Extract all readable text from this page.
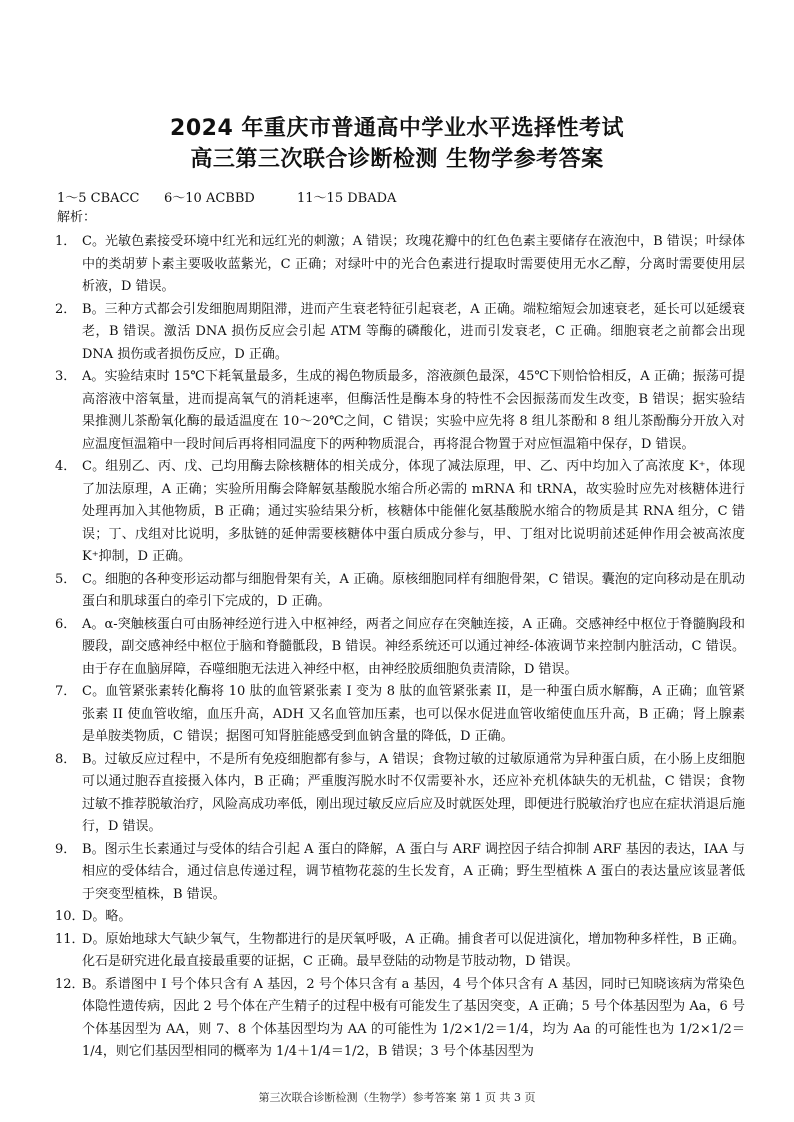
2024 年重庆市普通高中学业水平选择性考试
高三第三次联合诊断检测 生物学参考答案
1～5 CBACC 6～10 ACBBD	11～15 DBADA
解析：
1． C。光敏色素接受环境中红光和远红光的刺激；A 错误；玫瑰花瓣中的红色色素主要储存在液泡中，B 错误；叶绿体中的类胡萝卜素主要吸收蓝紫光，C 正确；对绿叶中的光合色素进行提取时需要使用无水乙醇，分离时需要使用层析液，D 错误。
2． B。三种方式都会引发细胞周期阻滞，进而产生衰老特征引起衰老，A 正确。端粒缩短会加速衰老，延长可以延缓衰老，B 错误。激活 DNA 损伤反应会引起 ATM 等酶的磷酸化，进而引发衰老，C 正确。细胞衰老之前都会出现 DNA 损伤或者损伤反应，D 正确。
3． A。实验结束时 15℃下耗氧量最多，生成的褐色物质最多，溶液颜色最深，45℃下则恰恰相反，A 正确；振荡可提高溶液中溶氧量，进而提高氧气的消耗速率，但酶活性是酶本身的特性不会因振荡而发生改变，B 错误；据实验结果推测儿茶酚氧化酶的最适温度在 10～20℃之间，C 错误；实验中应先将 8 组儿茶酚和 8 组儿茶酚酶分开放入对应温度恒温箱中一段时间后再将相同温度下的两种物质混合，再将混合物置于对应恒温箱中保存，D 错误。
4． C。组别乙、丙、戊、己均用酶去除核糖体的相关成分，体现了减法原理，甲、乙、丙中均加入了高浓度 K⁺，体现了加法原理，A 正确；实验所用酶会降解氨基酸脱水缩合所必需的 mRNA 和 tRNA，故实验时应先对核糖体进行处理再加入其他物质，B 正确；通过实验结果分析，核糖体中能催化氨基酸脱水缩合的物质是其 RNA 组分，C 错误；丁、戊组对比说明，多肽链的延伸需要核糖体中蛋白质成分参与，甲、丁组对比说明前述延伸作用会被高浓度 K⁺抑制，D 正确。
5． C。细胞的各种变形运动都与细胞骨架有关，A 正确。原核细胞同样有细胞骨架，C 错误。囊泡的定向移动是在肌动蛋白和肌球蛋白的牵引下完成的，D 正确。
6． A。α-突触核蛋白可由肠神经逆行进入中枢神经，两者之间应存在突触连接，A 正确。交感神经中枢位于脊髓胸段和腰段，副交感神经中枢位于脑和脊髓骶段，B 错误。神经系统还可以通过神经-体液调节来控制内脏活动，C 错误。由于存在血脑屏障，吞噬细胞无法进入神经中枢，由神经胶质细胞负责清除，D 错误。
7． C。血管紧张素转化酶将 10 肽的血管紧张素 I 变为 8 肽的血管紧张素 II，是一种蛋白质水解酶，A 正确；血管紧张素 II 使血管收缩，血压升高，ADH 又名血管加压素，也可以保水促进血管收缩使血压升高，B 正确；肾上腺素是单胺类物质，C 错误；据图可知肾脏能感受到血钠含量的降低，D 正确。
8． B。过敏反应过程中，不是所有免疫细胞都有参与，A 错误；食物过敏的过敏原通常为异种蛋白质，在小肠上皮细胞可以通过胞吞直接摄入体内，B 正确；严重腹泻脱水时不仅需要补水，还应补充机体缺失的无机盐，C 错误；食物过敏不推荐脱敏治疗，风险高成功率低，刚出现过敏反应后应及时就医处理，即便进行脱敏治疗也应在症状消退后施行，D 错误。
9． B。图示生长素通过与受体的结合引起 A 蛋白的降解，A 蛋白与 ARF 调控因子结合抑制 ARF 基因的表达，IAA 与相应的受体结合，通过信息传递过程，调节植物花蕊的生长发育，A 正确；野生型植株 A 蛋白的表达量应该显著低于突变型植株，B 错误。
10．
D。略。
11．
D。原始地球大气缺少氧气，生物都进行的是厌氧呼吸，A 正确。捕食者可以促进演化，增加物种多样性，B 正确。化石是研究进化最直接最重要的证据，C 正确。最早登陆的动物是节肢动物，D 错误。
12．
B。系谱图中 I 号个体只含有 A 基因，2 号个体只含有 a 基因，4 号个体只含有 A 基因，同时已知晓该病为常染色体隐性遗传病，因此 2 号个体在产生精子的过程中极有可能发生了基因突变，A 正确；5 号个体基因型为 Aa，6 号个体基因型为 AA，则 7、8 个体基因型均为 AA 的可能性为 1/2×1/2＝1/4，均为 Aa 的可能性也为 1/2×1/2＝1/4，则它们基因型相同的概率为 1/4＋1/4＝1/2，B 错误；3 号个体基因型为
第三次联合诊断检测（生物学）参考答案 第 1 页 共 3 页
